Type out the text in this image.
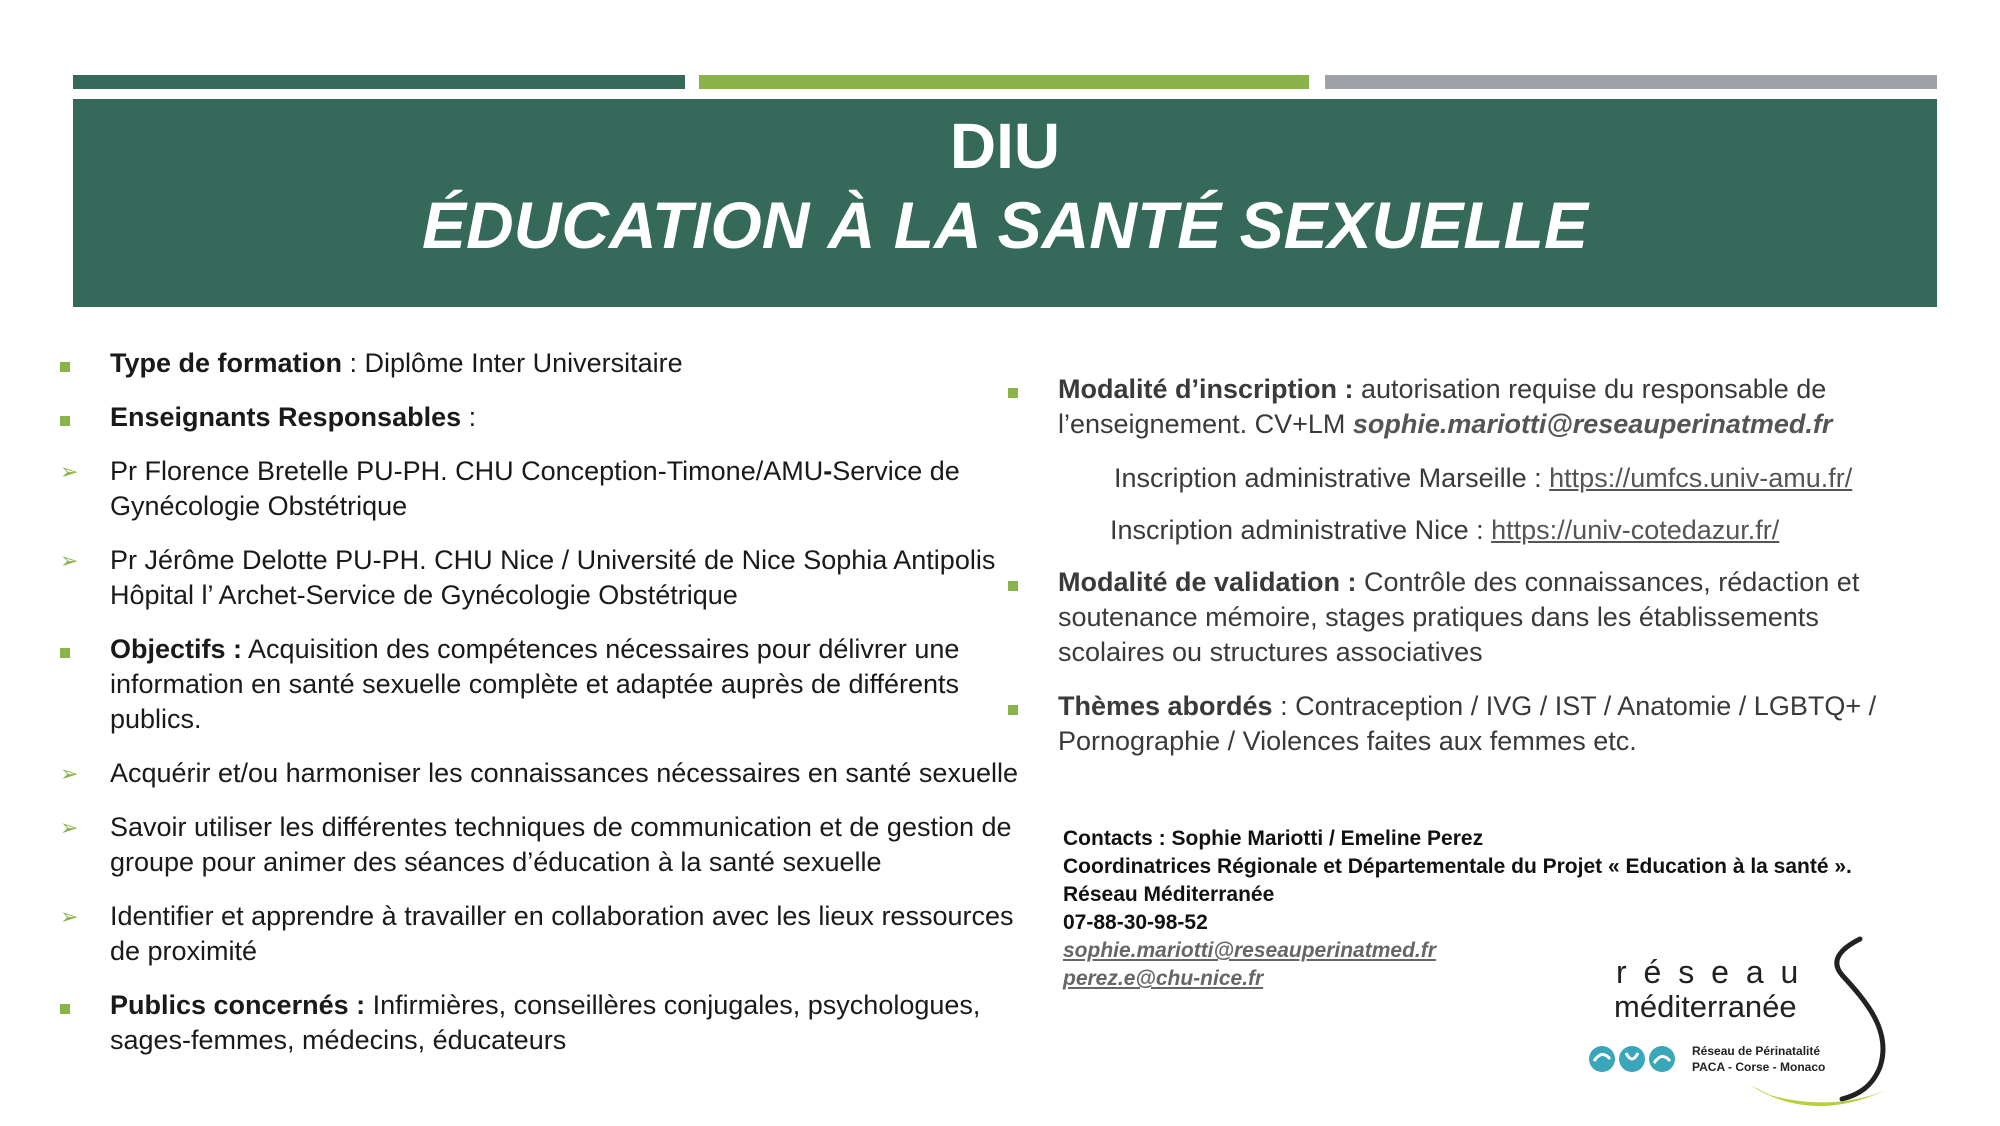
DIU
ÉDUCATION À LA SANTÉ SEXUELLE
Type de formation : Diplôme Inter Universitaire
Enseignants Responsables :
➢	Pr Florence Bretelle PU-PH. CHU Conception-Timone/AMU-Service de Gynécologie Obstétrique
➢	Pr Jérôme Delotte PU-PH. CHU Nice / Université de Nice Sophia Antipolis Hôpital l’ Archet-Service de Gynécologie Obstétrique
Objectifs : Acquisition des compétences nécessaires pour délivrer une information en santé sexuelle complète et adaptée auprès de différents publics.
➢	Acquérir et/ou harmoniser les connaissances nécessaires en santé sexuelle
➢	Savoir utiliser les différentes techniques de communication et de gestion de groupe pour animer des séances d’éducation à la santé sexuelle
➢	Identifier et apprendre à travailler en collaboration avec les lieux ressources de proximité
Publics concernés : Infirmières, conseillères conjugales, psychologues, sages-femmes, médecins, éducateurs
Modalité d’inscription : autorisation requise du responsable de l’enseignement. CV+LM sophie.mariotti@reseauperinatmed.fr
Inscription administrative Marseille : https://umfcs.univ-amu.fr/
Inscription administrative Nice : https://univ-cotedazur.fr/
Modalité de validation : Contrôle des connaissances, rédaction et soutenance mémoire, stages pratiques dans les établissements scolaires ou structures associatives
Thèmes abordés : Contraception / IVG / IST / Anatomie / LGBTQ+ / Pornographie / Violences faites aux femmes etc.
Contacts : Sophie Mariotti / Emeline Perez
Coordinatrices Régionale et Départementale du Projet « Education à la santé ».
Réseau Méditerranée
07-88-30-98-52
sophie.mariotti@reseauperinatmed.fr
perez.e@chu-nice.fr	r é s e a u
méditerranée
Réseau de Périnatalité
PACA - Corse - Monaco
